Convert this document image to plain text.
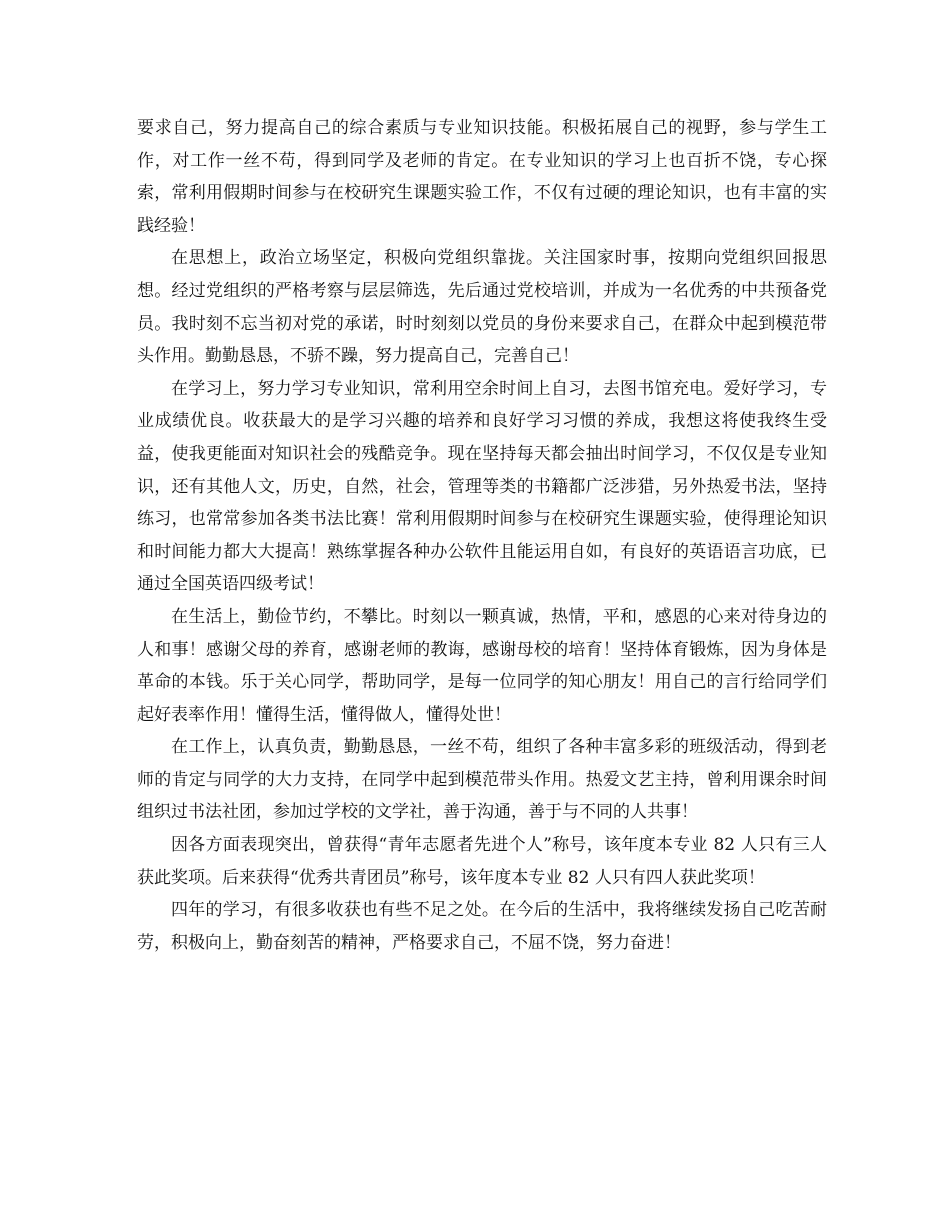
要求自己，努力提高自己的综合素质与专业知识技能。积极拓展自己的视野，参与学生工作，对工作一丝不苟，得到同学及老师的肯定。在专业知识的学习上也百折不饶，专心探索，常利用假期时间参与在校研究生课题实验工作，不仅有过硬的理论知识，也有丰富的实践经验！

在思想上，政治立场坚定，积极向党组织靠拢。关注国家时事，按期向党组织回报思想。经过党组织的严格考察与层层筛选，先后通过党校培训，并成为一名优秀的中共预备党员。我时刻不忘当初对党的承诺，时时刻刻以党员的身份来要求自己，在群众中起到模范带头作用。勤勤恳恳，不骄不躁，努力提高自己，完善自己！

在学习上，努力学习专业知识，常利用空余时间上自习，去图书馆充电。爱好学习，专业成绩优良。收获最大的是学习兴趣的培养和良好学习习惯的养成，我想这将使我终生受益，使我更能面对知识社会的残酷竞争。现在坚持每天都会抽出时间学习，不仅仅是专业知识，还有其他人文，历史，自然，社会，管理等类的书籍都广泛涉猎，另外热爱书法，坚持练习，也常常参加各类书法比赛！常利用假期时间参与在校研究生课题实验，使得理论知识和时间能力都大大提高！熟练掌握各种办公软件且能运用自如，有良好的英语语言功底，已通过全国英语四级考试！

在生活上，勤俭节约，不攀比。时刻以一颗真诚，热情，平和，感恩的心来对待身边的人和事！感谢父母的养育，感谢老师的教诲，感谢母校的培育！坚持体育锻炼，因为身体是革命的本钱。乐于关心同学，帮助同学，是每一位同学的知心朋友！用自己的言行给同学们起好表率作用！懂得生活，懂得做人，懂得处世！

在工作上，认真负责，勤勤恳恳，一丝不苟，组织了各种丰富多彩的班级活动，得到老师的肯定与同学的大力支持，在同学中起到模范带头作用。热爱文艺主持，曾利用课余时间组织过书法社团，参加过学校的文学社，善于沟通，善于与不同的人共事！

因各方面表现突出，曾获得“青年志愿者先进个人”称号，该年度本专业 82 人只有三人获此奖项。后来获得“优秀共青团员”称号，该年度本专业 82 人只有四人获此奖项！

四年的学习，有很多收获也有些不足之处。在今后的生活中，我将继续发扬自己吃苦耐劳，积极向上，勤奋刻苦的精神，严格要求自己，不屈不饶，努力奋进！
